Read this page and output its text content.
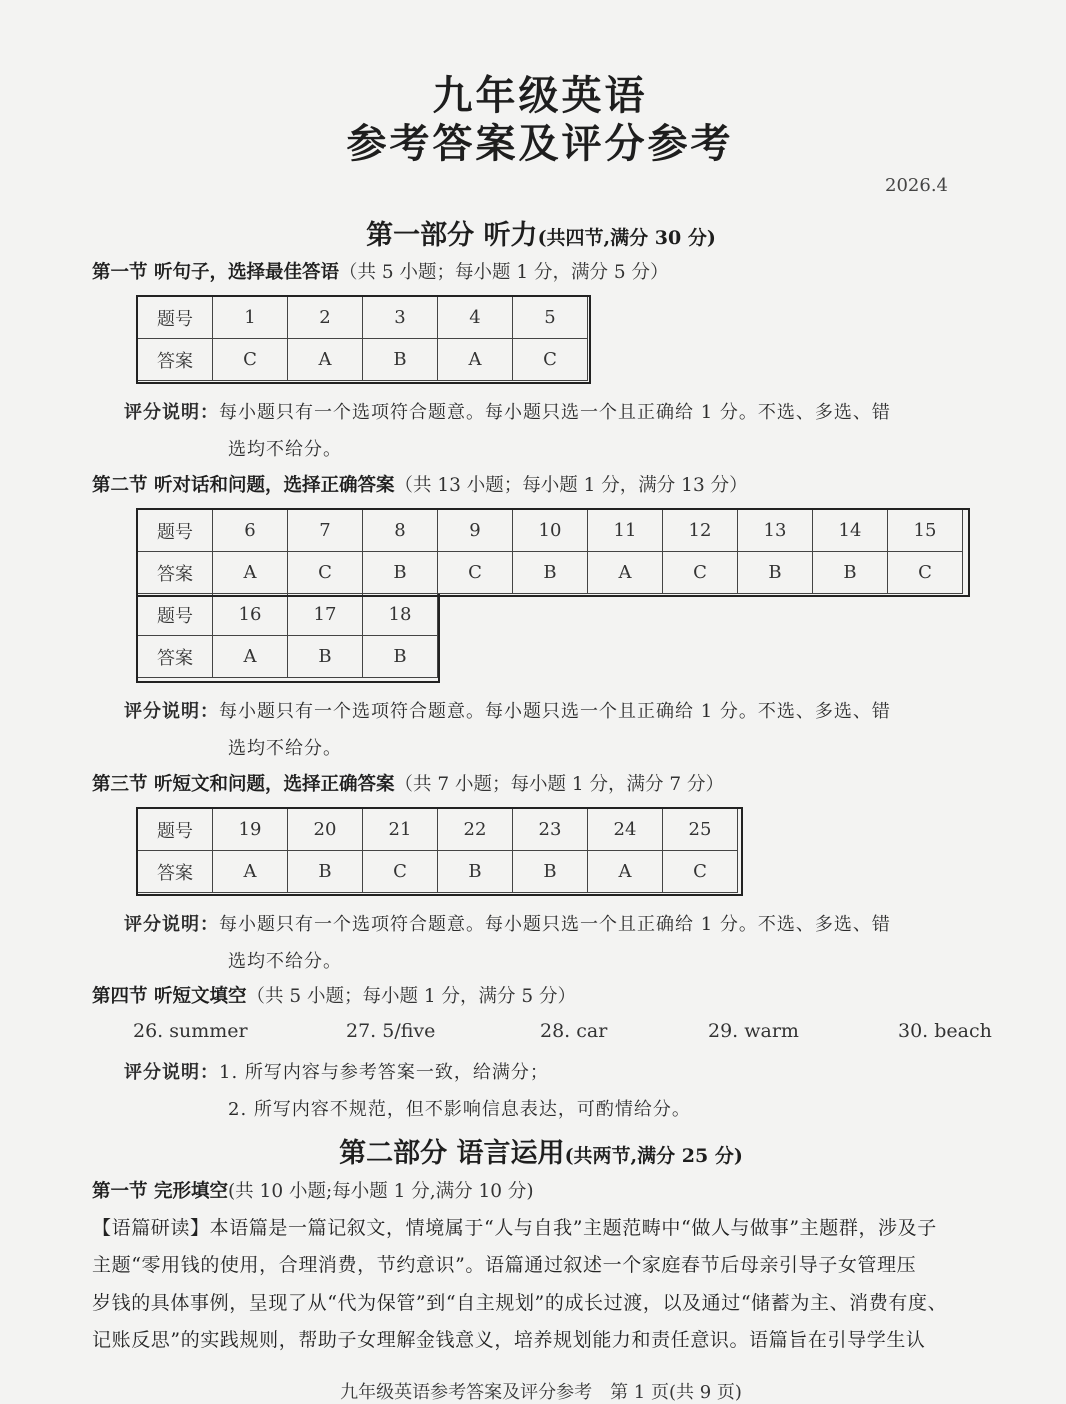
九年级英语
参考答案及评分参考
2026.4
第一部分 听力(共四节,满分 30 分)
第一节 听句子，选择最佳答语（共 5 小题；每小题 1 分，满分 5 分）
题号	1	2	3	4	5
答案	C	A	B	A	C
评分说明：每小题只有一个选项符合题意。每小题只选一个且正确给 1 分。不选、多选、错
选均不给分。
第二节 听对话和问题，选择正确答案（共 13 小题；每小题 1 分，满分 13 分）
题号	6	7	8	9	10	11	12	13	14	15
答案	A	C	B	C	B	A	C	B	B	C
题号	16	17	18							
答案	A	B	B							
评分说明：每小题只有一个选项符合题意。每小题只选一个且正确给 1 分。不选、多选、错
选均不给分。
第三节 听短文和问题，选择正确答案（共 7 小题；每小题 1 分，满分 7 分）
题号	19	20	21	22	23	24	25
答案	A	B	C	B	B	A	C
评分说明：每小题只有一个选项符合题意。每小题只选一个且正确给 1 分。不选、多选、错
选均不给分。
第四节 听短文填空（共 5 小题；每小题 1 分，满分 5 分）
26. summer	27. 5/five	28. car	29. warm	30. beach
评分说明：1. 所写内容与参考答案一致，给满分；
2. 所写内容不规范，但不影响信息表达，可酌情给分。
第二部分 语言运用(共两节,满分 25 分)
第一节 完形填空(共 10 小题;每小题 1 分,满分 10 分)
【语篇研读】本语篇是一篇记叙文，情境属于“人与自我”主题范畴中“做人与做事”主题群，涉及子
主题“零用钱的使用，合理消费，节约意识”。语篇通过叙述一个家庭春节后母亲引导子女管理压
岁钱的具体事例，呈现了从“代为保管”到“自主规划”的成长过渡，以及通过“储蓄为主、消费有度、
记账反思”的实践规则，帮助子女理解金钱意义，培养规划能力和责任意识。语篇旨在引导学生认
九年级英语参考答案及评分参考　第 1 页(共 9 页)
